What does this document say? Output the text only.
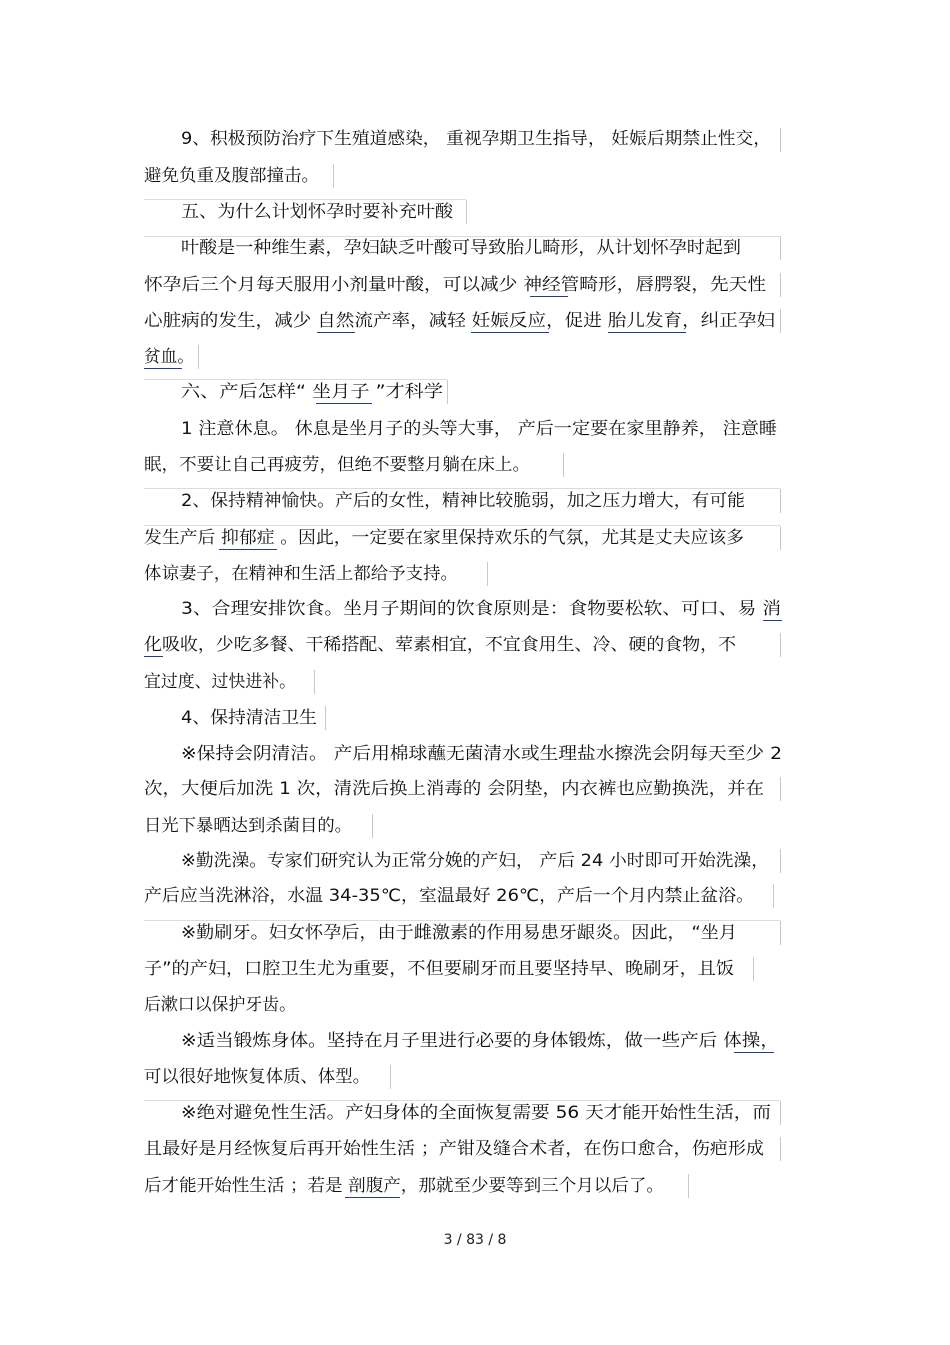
9、积极预防治疗下生殖道感染， 重视孕期卫生指导， 妊娠后期禁止性交，
避免负重及腹部撞击。
五、为什么计划怀孕时要补充叶酸
叶酸是一种维生素，孕妇缺乏叶酸可导致胎儿畸形，从计划怀孕时起到
怀孕后三个月每天服用小剂量叶酸，可以减少 神经管畸形，唇腭裂，先天性
心脏病的发生，减少 自然流产率，减轻 妊娠反应，促进 胎儿发育，纠正孕妇
贫血。
六、产后怎样“ 坐月子 ”才科学
1 注意休息。 休息是坐月子的头等大事， 产后一定要在家里静养， 注意睡
眠，不要让自己再疲劳，但绝不要整月躺在床上。
2、保持精神愉快。产后的女性，精神比较脆弱，加之压力增大，有可能
发生产后 抑郁症 。因此，一定要在家里保持欢乐的气氛，尤其是丈夫应该多
体谅妻子，在精神和生活上都给予支持。
3、合理安排饮食。坐月子期间的饮食原则是：食物要松软、可口、易 消
化吸收，少吃多餐、干稀搭配、荤素相宜，不宜食用生、冷、硬的食物，不
宜过度、过快进补。
4、保持清洁卫生
※保持会阴清洁。 产后用棉球蘸无菌清水或生理盐水擦洗会阴每天至少 2
次，大便后加洗 1 次，清洗后换上消毒的 会阴垫，内衣裤也应勤换洗，并在
日光下暴晒达到杀菌目的。
※勤洗澡。专家们研究认为正常分娩的产妇， 产后 24 小时即可开始洗澡，
产后应当洗淋浴，水温 34-35℃，室温最好 26℃，产后一个月内禁止盆浴。
※勤刷牙。妇女怀孕后，由于雌激素的作用易患牙龈炎。因此， “坐月
子”的产妇，口腔卫生尤为重要，不但要刷牙而且要坚持早、晚刷牙，且饭
后漱口以保护牙齿。
※适当锻炼身体。坚持在月子里进行必要的身体锻炼，做一些产后 体操，
可以很好地恢复体质、体型。
※绝对避免性生活。产妇身体的全面恢复需要 56 天才能开始性生活，而
且最好是月经恢复后再开始性生活 ；产钳及缝合术者，在伤口愈合，伤疤形成
后才能开始性生活 ；若是 剖腹产，那就至少要等到三个月以后了。
3 / 83 / 8
